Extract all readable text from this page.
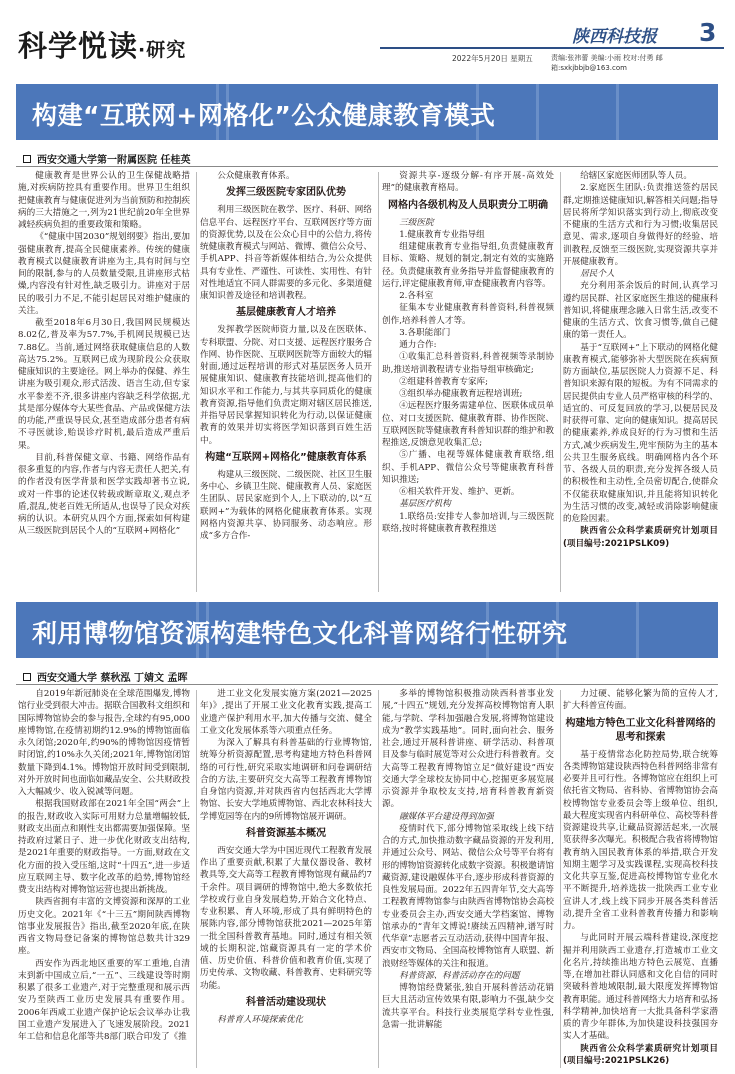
科学悦读·研究
陕西科技报 3
2022年5月20日 星期五	责编:张祎蕾 美编:小雨 校对:付勇 邮箱:sxkjbbjb@163.com
构建“互联网+网格化”公众健康教育模式
西安交通大学第一附属医院 任桂英

健康教育是世界公认的卫生保健战略措施,对疾病防控具有重要作用。世界卫生组织把健康教育与健康促进列为当前预防和控制疾病的三大措施之一,列为21世纪前20年全世界减轻疾病负担的重要政策和策略。

《“健康中国2030”规划纲要》指出,要加强健康教育,提高全民健康素养。传统的健康教育模式以健康教育讲座为主,具有时间与空间的限制,参与的人员数量受限,且讲座形式枯燥,内容没有针对性,缺乏吸引力。讲座对于居民的吸引力不足,不能引起居民对维护健康的关注。

截至2018年6月30日,我国网民规模达8.02亿,普及率为57.7%,手机网民规模已达7.88亿。当前,通过网络获取健康信息的人数高达75.2%。互联网已成为现阶段公众获取健康知识的主要途径。网上举办的保健、养生讲座为吸引观众,形式活泼、语言生动,但专家水平参差不齐,很多讲座内容缺乏科学依据,尤其是部分媒体夸大某些食品、产品或保健方法的功能,严重误导民众,甚至造成部分患者有病不寻医就诊,贻误诊疗时机,最后造成严重后果。

目前,科普保健文章、书籍、网络作品有很多重复的内容,作者与内容无责任人把关,有的作者没有医学背景和医学实践却著书立说,或对一件事的论述仅转载或断章取义,观点矛盾,混乱,使老百姓无所适从,也误导了民众对疾病的认识。本研究从四个方面,探索如何构建从三级医院到居民个人的“互联网+网格化”

公众健康教育体系。

发挥三级医院专家团队优势

利用三级医院在教学、医疗、科研、网络信息平台、远程医疗平台、互联网医疗等方面的资源优势,以及在公众心目中的公信力,将传统健康教育模式与网站、微博、微信公众号、手机APP、抖音等新媒体相结合,为公众提供具有专业性、严谨性、可读性、实用性、有针对性地适宜不同人群需要的多元化、多渠道健康知识普及途径和培训教程。

基层健康教育人才培养

发挥教学医院师资力量,以及在医联体、专科联盟、分院、对口支援、远程医疗服务合作网、协作医院、互联网医院等方面较大的辐射面,通过远程培训的形式对基层医务人员开展健康知识、健康教育技能培训,提高他们的知识水平和工作能力,与其共享同质化的健康教育资源,指导他们负责定期对辖区居民推送,并指导居民掌握知识转化为行动,以保证健康教育的效果并切实将医学知识落到百姓生活中。

构建“互联网+网格化”健康教育体系

构建从三级医院、二级医院、社区卫生服务中心、乡镇卫生院、健康教育人员、家庭医生团队、居民家庭到个人,上下联动的,以“互联网+”为载体的网格化健康教育体系。实现网格内资源共享、协同服务、动态响应。形成“多方合作-

资源共享-逐级分解-有序开展-高效处理”的健康教育格局。

网格内各级机构及人员职责分工明确

三级医院

1.健康教育专业指导组

组建健康教育专业指导组,负责健康教育目标、策略、规划的制定,制定有效的实施路径。负责健康教育业务指导并监督健康教育的运行,评定健康教育师,审查健康教育内容等。

2.各科室

征集本专业健康教育科普资料,科普视频创作,培养科普人才等。

3.各职能部门

通力合作:

①收集汇总科普资料,科普视频等录制协助,推送培训教程请专业指导组审核确定;

②组建科普教育专家库;

③组织举办健康教育远程培训班;

④远程医疗服务需建单位、医联体成员单位、对口支援医院、健康教育群、协作医院、互联网医院等健康教育科普知识群的维护和教程推送,反馈意见收集汇总;

⑤广播、电视等媒体健康教育联络,组织、手机APP、微信公众号等健康教育科普知识推送;

⑥相关软件开发、维护、更新。

基层医疗机构

1.联络员:安排专人参加培训,与三级医院联络,按时将健康教育教程推送

给辖区家庭医师团队等人员。

2.家庭医生团队:负责推送签约居民群,定期推送健康知识,解答相关问题;指导居民将所学知识落实到行动上,彻底改变不健康的生活方式和行为习惯;收集居民意见、需求,逐项自身做得好的经验、培训教程,反馈至三级医院,实现资源共享并开展健康教育。

居民个人

充分利用茶余饭后的时间,认真学习遵约居民群、社区家庭医生推送的健康科普知识,将健康理念融入日常生活,改变不健康的生活方式、饮食习惯等,做自己健康的第一责任人。

基于“互联网+”上下联动的网格化健康教育模式,能够弥补大型医院在疾病预防方面缺位,基层医院人力资源不足、科普知识来源有限的短板。为有不同需求的居民提供由专业人员严格审核的科学的、适宜的、可反复回放的学习,以便居民及时获得可靠、定向的健康知识。提高居民的健康素养,养成良好的行为习惯和生活方式,减少疾病发生,兜牢预防为主的基本公共卫生服务底线。明确网格内各个环节、各级人员的职责,充分发挥各级人员的积极性和主动性,全员密切配合,使群众不仅能获取健康知识,并且能将知识转化为生活习惯的改变,减轻或消除影响健康的危险因素。

陕西省公众科学素质研究计划项目(项目编号:2021PSLK09)

利用博物馆资源构建特色文化科普网络行性研究
西安交通大学 蔡秋泓 丁婧文 孟晖

自2019年新冠肺炎在全球范围爆发,博物馆行业受到很大冲击。据联合国教科文组织和国际博物馆协会的参与报告,全球约有95,000座博物馆,在疫情初期约12.9%的博物馆面临永久闭馆;2020年,约90%的博物馆因疫情暂时闭馆,约10%永久关闭;2021年,博物馆闭馆数量下降到4.1%。博物馆开放时间受到限制,对外开放时间也面临如藏品安全、公共财政投入大幅减少、收入锐减等问题。

根据我国财政部在2021年全国“两会”上的报告,财政收入实际可用财力总量增幅较低,财政支出面点和刚性支出都需要加强保障。坚持政府过紧日子、进一步优化财政支出结构,是2021年重要的财政指导。一方面,财政在文化方面的投入受压缩,这时“十四五”,进一步适应互联网主导、数字化改革的趋势,博物馆经费支出结构对博物馆运营也提出新挑战。

陕西省拥有丰富的文博资源和深厚的工业历史文化。2021年《“十三五”期间陕西博物馆事业发展报告》指出,截至2020年底,在陕西省文物局登记备案的博物馆总数共计329座。

西安作为西北地区重要的军工重地,自清末到新中国成立后,“一五”、三线建设等时期积累了很多工业遗产,对于完整重现和展示西安乃至陕西工业历史发展具有重要作用。2006年西咸工业遗产保护论坛会议举办让我国工业遗产发展进入了飞速发展阶段。2021年工信和信息化部等共8部门联合印发了《推

进工业文化发展实施方案(2021—2025年)》,提出了开展工业文化教育实践,提高工业遗产保护利用水平,加大传播与交流、健全工业文化发展体系等六项重点任务。

为深入了解具有科普基础的行业博物馆,统筹分析资源配置,思考构建地方特色科普网络的可行性,研究采取实地调研和问卷调研结合的方法,主要研究交大高等工程教育博物馆自身馆内资源,并对陕西省内包括西北大学博物馆、长安大学地质博物馆、西北农林科技大学博览园等在内的9所博物馆展开调研。

科普资源基本概况

西安交通大学为中国近现代工程教育发展作出了重要贡献,积累了大量仪器设备、教材教具等,交大高等工程教育博物馆现有藏品约7千余件。项目调研的博物馆中,绝大多数依托学校或行业自身发展趋势,开始合文化特点、专业积累、育人环境,形成了具有鲜明特色的展陈内容,部分博物馆获批2021—2025年第一批全国科普教育基地。同时,通过有相关领域的长期积淀,馆藏资源具有一定的学术价值、历史价值、科普价值和教育价值,实现了历史传承、文物收藏、科普教育、史料研究等功能。

科普活动建设现状

科普育人环境探索优化

多举的博物馆积极推动陕西科普事业发展,“十四五”规划,充分发挥高校博物馆育人职能,与学院、学科加强融合发展,将博物馆建设成为“教学实践基地”。同时,面向社会、服务社会,通过开展科普讲座、研学活动、科普项目及参与临时展览等对公众进行科普教育。交大高等工程教育博物馆立足“做好建设”西安交通大学全球校友协同中心,挖掘更多展览展示资源并争取校友支持,培育科普教育新资源。

融媒体平台建设得到加强

疫情时代下,部分博物馆采取线上线下结合的方式,加快推动数字藏品资源的开发利用,并通过公众号、网站、微信公众号等平台将有形的博物馆资源转化成数字资源。积极邀请馆藏资源,建设融媒体平台,逐步形成科普资源的良性发展局面。2022年五四青年节,交大高等工程教育博物馆参与由陕西省博物馆协会高校专业委员会主办,西安交通大学档案馆、博物馆承办的“青年文博说!赓续五四精神,谱写时代华章”志愿者云互动活动,获得中国青年报、西安市文物局、全国高校博物馆育人联盟、新浪财经等媒体的关注和报道。

科普资源、科普活动存在的问题

博物馆经费紧张,独自开展科普活动花销巨大且活动宣传效果有限,影响力不强,缺少交流共享平台。科技行业类展览学科专业性强,急需一批讲解能

力过硬、能够化繁为简的宣传人才,扩大科普宣传面。

构建地方特色工业文化科普网络的思考和探索

基于疫情常态化防控局势,联合统筹各类博物馆建设陕西特色科普网络非常有必要并且可行性。各博物馆应在组织上可依托省文物局、省科协、省博物馆协会高校博物馆专业委员会等上级单位、组织,最大程度实现省内科研单位、高校等科普资源建设共享,让藏品资源活起来,一次展览获得多次曝光。积极配合我省将博物馆教育纳入国民教育体系的举措,联合开发知期主题学习及实践课程,实现高校科技文化共享互鉴,促进高校博物馆专业化水平不断提升,培养选拔一批陕西工业专业宣讲人才,线上线下同步开展各类科普活动,提升全省工业科普教育传播力和影响力。

与此同时开展云端科普建设,深度挖掘并利用陕西工业遗存,打造城市工业文化名片,持续推出地方特色云展览、直播等,在增加社群认同感和文化自信的同时突破科普地域限制,最大限度发挥博物馆教育职能。通过科普网络大力培育和弘扬科学精神,加快培育一大批具备科学家潜质的青少年群体,为加快建设科技强国夯实人才基础。

陕西省公众科学素质研究计划项目(项目编号:2021PSLK26)
